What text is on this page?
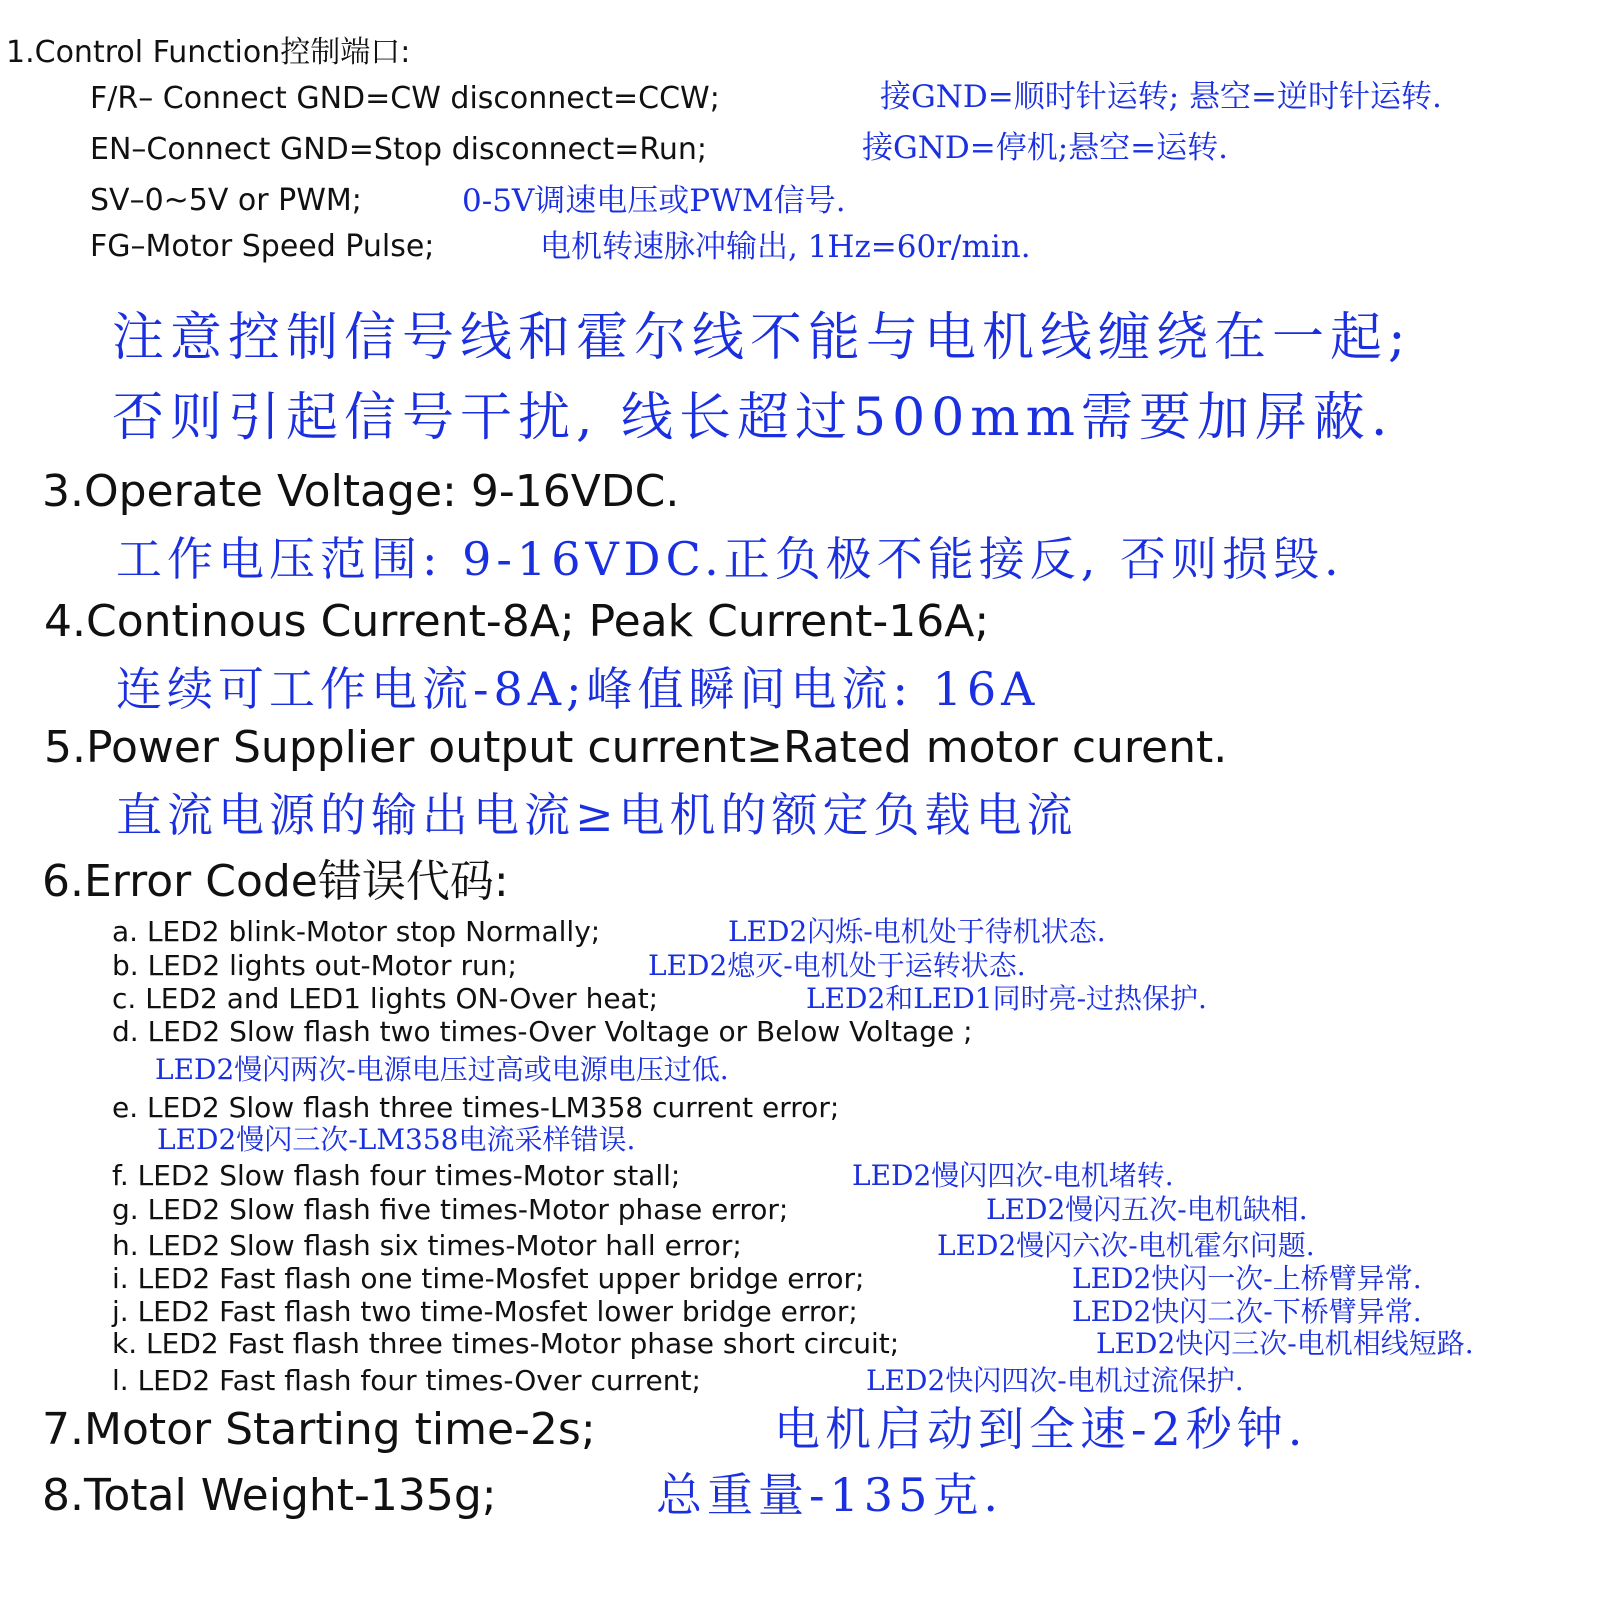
1.Control Function控制端口:
F/R– Connect GND=CW disconnect=CCW;	接GND=顺时针运转; 悬空=逆时针运转.
EN–Connect GND=Stop disconnect=Run;	接GND=停机;悬空=运转.
SV–0~5V or PWM;	0-5V调速电压或PWM信号.
FG–Motor Speed Pulse;	电机转速脉冲输出, 1Hz=60r/min.
注意控制信号线和霍尔线不能与电机线缠绕在一起;
否则引起信号干扰, 线长超过500mm需要加屏蔽.
3.Operate Voltage: 9-16VDC.
工作电压范围: 9-16VDC.正负极不能接反, 否则损毁.
4.Continous Current-8A; Peak Current-16A;
连续可工作电流-8A;峰值瞬间电流: 16A
5.Power Supplier output current≥Rated motor curent.
直流电源的输出电流≥电机的额定负载电流
6.Error Code错误代码:
a. LED2 blink-Motor stop Normally;	LED2闪烁-电机处于待机状态.
b. LED2 lights out-Motor run;	LED2熄灭-电机处于运转状态.
c. LED2 and LED1 lights ON-Over heat;	LED2和LED1同时亮-过热保护.
d. LED2 Slow flash two times-Over Voltage or Below Voltage ;
LED2慢闪两次-电源电压过高或电源电压过低.
e. LED2 Slow flash three times-LM358 current error;
LED2慢闪三次-LM358电流采样错误.
f. LED2 Slow flash four times-Motor stall;	LED2慢闪四次-电机堵转.
g. LED2 Slow flash five times-Motor phase error;	LED2慢闪五次-电机缺相.
h. LED2 Slow flash six times-Motor hall error;	LED2慢闪六次-电机霍尔问题.
i. LED2 Fast flash one time-Mosfet upper bridge error;	LED2快闪一次-上桥臂异常.
j. LED2 Fast flash two time-Mosfet lower bridge error;	LED2快闪二次-下桥臂异常.
k. LED2 Fast flash three times-Motor phase short circuit;	LED2快闪三次-电机相线短路.
l. LED2 Fast flash four times-Over current;	LED2快闪四次-电机过流保护.
7.Motor Starting time-2s;	电机启动到全速-2秒钟.
8.Total Weight-135g;	总重量-135克.
